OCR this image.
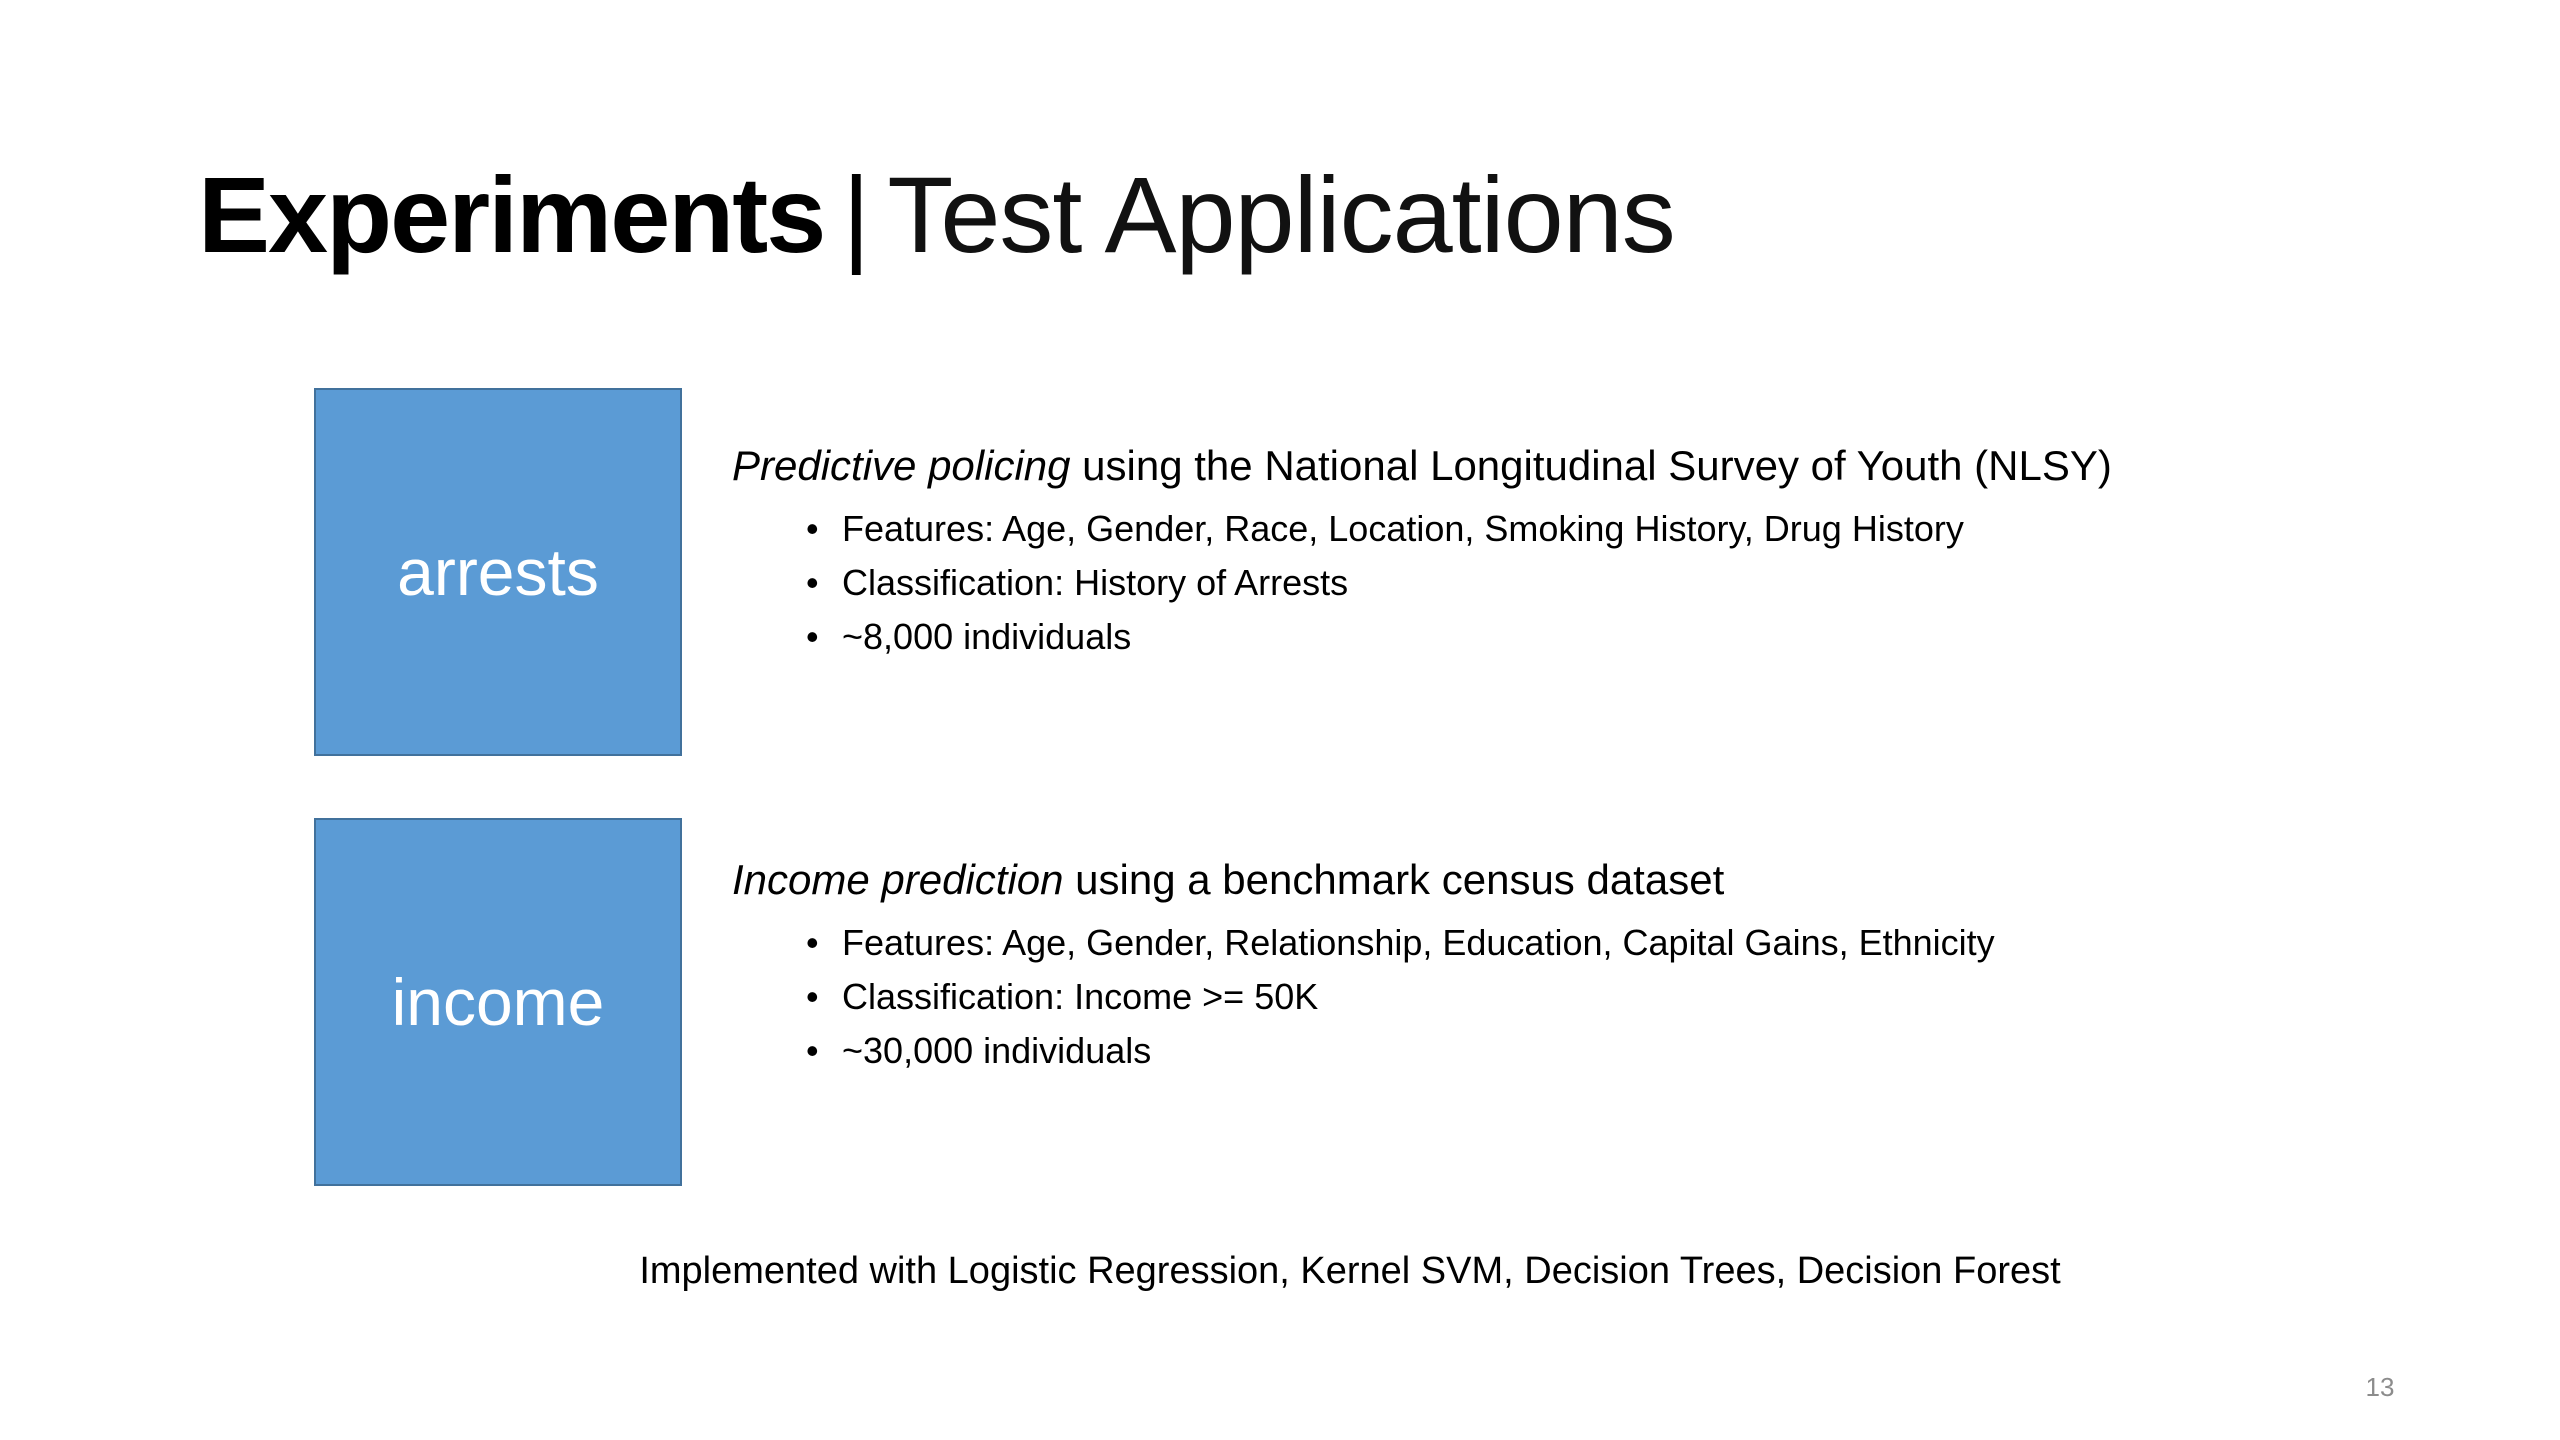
Experiments | Test Applications
arrests

Predictive policing using the National Longitudinal Survey of Youth (NLSY)

• Features: Age, Gender, Race, Location, Smoking History, Drug History
• Classification: History of Arrests
• ~8,000 individuals
income

Income prediction using a benchmark census dataset

• Features: Age, Gender, Relationship, Education, Capital Gains, Ethnicity
• Classification: Income >= 50K
• ~30,000 individuals
Implemented with Logistic Regression, Kernel SVM, Decision Trees, Decision Forest
13
